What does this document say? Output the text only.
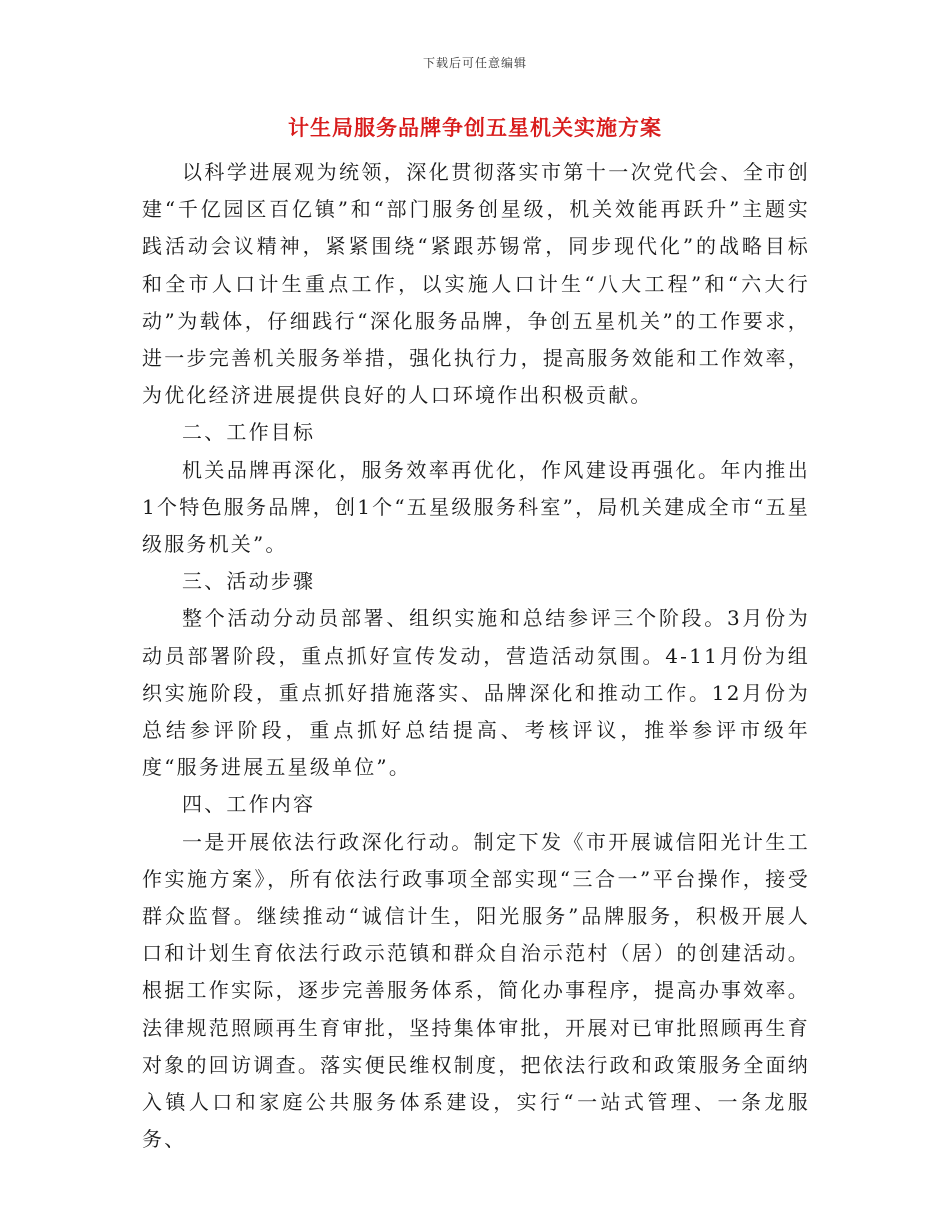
下载后可任意编辑
计生局服务品牌争创五星机关实施方案

以科学进展观为统领，深化贯彻落实市第十一次党代会、全市创建“千亿园区百亿镇”和“部门服务创星级，机关效能再跃升”主题实践活动会议精神，紧紧围绕“紧跟苏锡常，同步现代化”的战略目标和全市人口计生重点工作，以实施人口计生“八大工程”和“六大行动”为载体，仔细践行“深化服务品牌，争创五星机关”的工作要求，进一步完善机关服务举措，强化执行力，提高服务效能和工作效率，为优化经济进展提供良好的人口环境作出积极贡献。

二、工作目标

机关品牌再深化，服务效率再优化，作风建设再强化。年内推出1个特色服务品牌，创1个“五星级服务科室”，局机关建成全市“五星级服务机关”。

三、活动步骤

整个活动分动员部署、组织实施和总结参评三个阶段。3月份为动员部署阶段，重点抓好宣传发动，营造活动氛围。4-11月份为组织实施阶段，重点抓好措施落实、品牌深化和推动工作。12月份为总结参评阶段，重点抓好总结提高、考核评议，推举参评市级年度“服务进展五星级单位”。

四、工作内容

一是开展依法行政深化行动。制定下发《市开展诚信阳光计生工作实施方案》，所有依法行政事项全部实现“三合一”平台操作，接受群众监督。继续推动“诚信计生，阳光服务”品牌服务，积极开展人口和计划生育依法行政示范镇和群众自治示范村（居）的创建活动。根据工作实际，逐步完善服务体系，简化办事程序，提高办事效率。法律规范照顾再生育审批，坚持集体审批，开展对已审批照顾再生育对象的回访调查。落实便民维权制度，把依法行政和政策服务全面纳入镇人口和家庭公共服务体系建设，实行“一站式管理、一条龙服务、
